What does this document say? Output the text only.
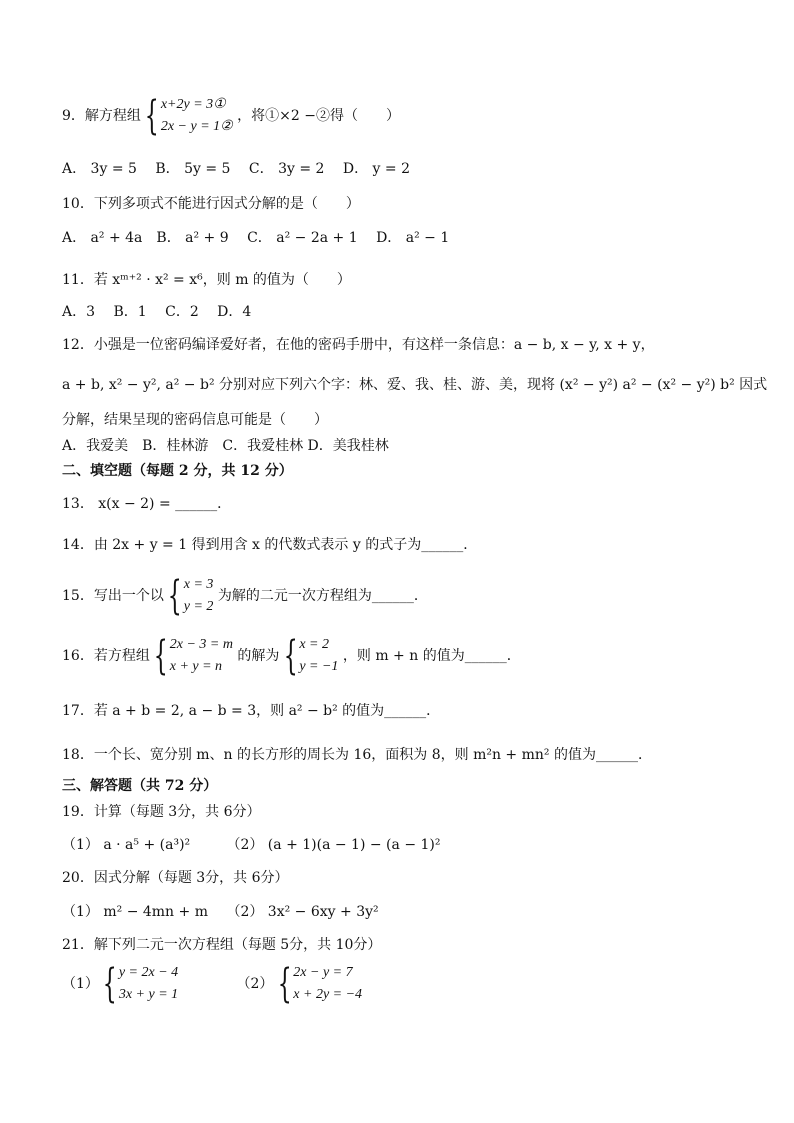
9．解方程组 { x+2y = 3①
2x − y = 1②
，将①×2 −②得（　　）
A． 3y = 5　 B． 5y = 5　 C． 3y = 2　 D． y = 2
10．下列多项式不能进行因式分解的是（　　）
A． a² + 4a　B． a² + 9　 C． a² − 2a + 1　 D． a² − 1
11．若 xᵐ⁺² · x² = x⁶，则 m 的值为（　　）
A．3　 B．1　 C．2　 D．4
12．小强是一位密码编译爱好者，在他的密码手册中，有这样一条信息：a − b, x − y, x + y，
a + b, x² − y², a² − b² 分别对应下列六个字：林、爱、我、桂、游、美，现将 (x² − y²) a² − (x² − y²) b² 因式
分解，结果呈现的密码信息可能是（　　）
A．我爱美　B．桂林游　C．我爱桂林 D．美我桂林
二、填空题（每题 2 分，共 12 分）
13． x(x − 2) = ______．
14．由 2x + y = 1 得到用含 x 的代数式表示 y 的式子为______．
15．写出一个以 { x = 3
y = 2
为解的二元一次方程组为______．
16．若方程组 { 2x − 3 = m
x + y = n
的解为 { x = 2
y = −1
，则 m + n 的值为______．
17．若 a + b = 2, a − b = 3，则 a² − b² 的值为______．
18．一个长、宽分别 m、n 的长方形的周长为 16，面积为 8，则 m²n + mn² 的值为______．
三、解答题（共 72 分）
19．计算（每题 3分，共 6分）
（1） a · a⁵ + (a³)²	（2） (a + 1)(a − 1) − (a − 1)²
20．因式分解（每题 3分，共 6分）
（1） m² − 4mn + m （2） 3x² − 6xy + 3y²
21．解下列二元一次方程组（每题 5分，共 10分）
（1） { y = 2x − 4
3x + y = 1
（2） { 2x − y = 7
x + 2y = −4
